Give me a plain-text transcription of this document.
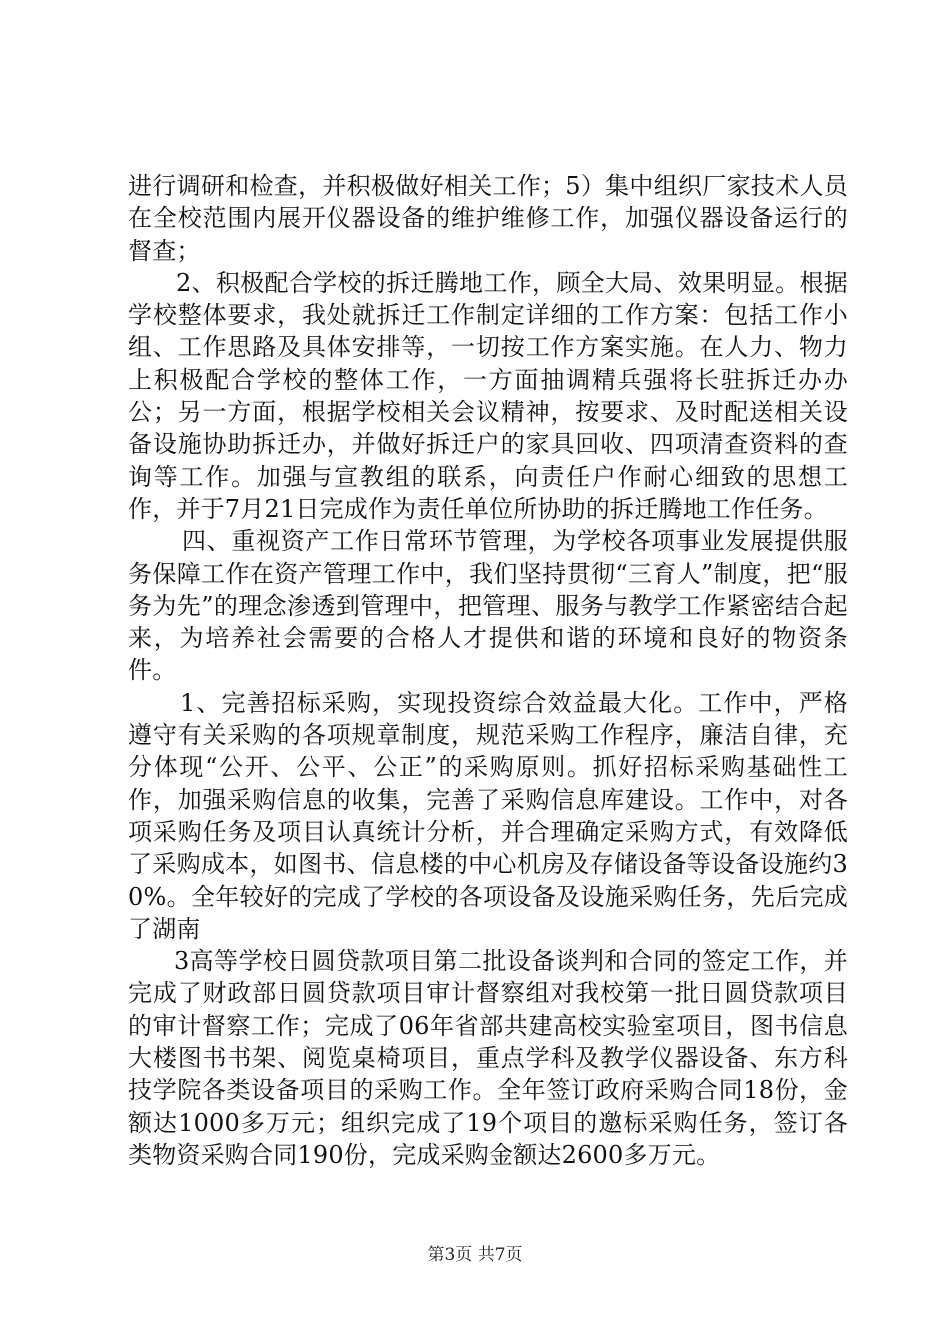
进行调研和检查，并积极做好相关工作；5）集中组织厂家技术人员在全校范围内展开仪器设备的维护维修工作，加强仪器设备运行的督查；

2、积极配合学校的拆迁腾地工作，顾全大局、效果明显。根据学校整体要求，我处就拆迁工作制定详细的工作方案：包括工作小组、工作思路及具体安排等，一切按工作方案实施。在人力、物力上积极配合学校的整体工作，一方面抽调精兵强将长驻拆迁办办公；另一方面，根据学校相关会议精神，按要求、及时配送相关设备设施协助拆迁办，并做好拆迁户的家具回收、四项清查资料的查询等工作。加强与宣教组的联系，向责任户作耐心细致的思想工作，并于7月21日完成作为责任单位所协助的拆迁腾地工作任务。

四、重视资产工作日常环节管理，为学校各项事业发展提供服务保障工作在资产管理工作中，我们坚持贯彻“三育人”制度，把“服务为先”的理念渗透到管理中，把管理、服务与教学工作紧密结合起来，为培养社会需要的合格人才提供和谐的环境和良好的物资条件。

1、完善招标采购，实现投资综合效益最大化。工作中，严格遵守有关采购的各项规章制度，规范采购工作程序，廉洁自律，充分体现“公开、公平、公正”的采购原则。抓好招标采购基础性工作，加强采购信息的收集，完善了采购信息库建设。工作中，对各项采购任务及项目认真统计分析，并合理确定采购方式，有效降低了采购成本，如图书、信息楼的中心机房及存储设备等设备设施约30%。全年较好的完成了学校的各项设备及设施采购任务，先后完成了湖南

3高等学校日圆贷款项目第二批设备谈判和合同的签定工作，并完成了财政部日圆贷款项目审计督察组对我校第一批日圆贷款项目的审计督察工作；完成了06年省部共建高校实验室项目，图书信息大楼图书书架、阅览桌椅项目，重点学科及教学仪器设备、东方科技学院各类设备项目的采购工作。全年签订政府采购合同18份，金额达1000多万元；组织完成了19个项目的邀标采购任务，签订各类物资采购合同190份，完成采购金额达2600多万元。

第3页 共7页
